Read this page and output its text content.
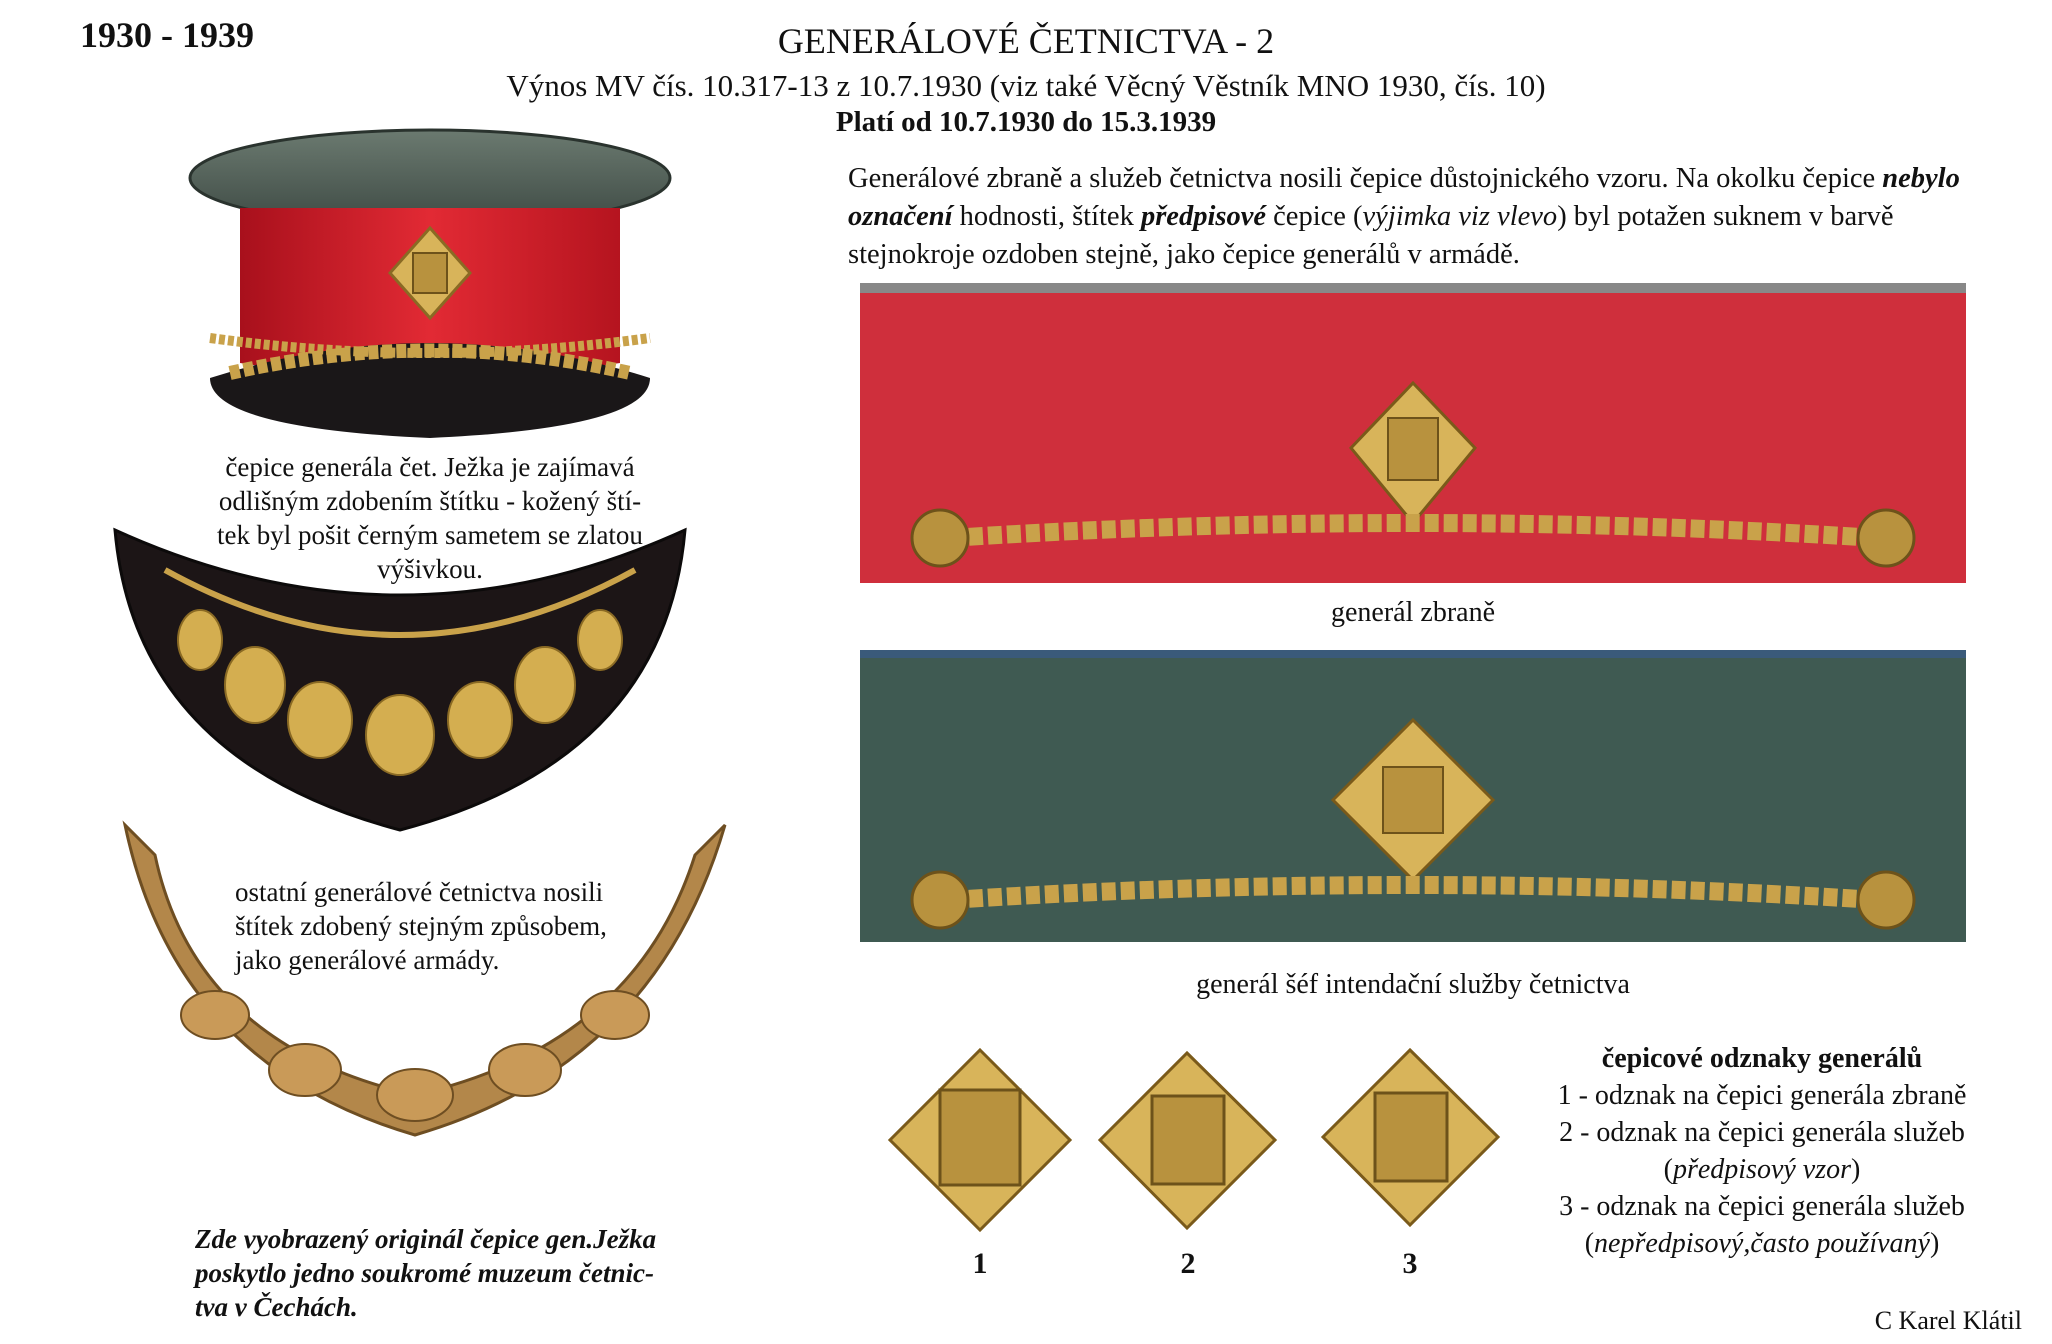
1930 - 1939	GENERÁLOVÉ ČETNICTVA - 2
Výnos MV čís. 10.317-13 z 10.7.1930 (viz také Věcný Věstník MNO 1930, čís. 10)
Platí od 10.7.1930 do 15.3.1939
Generálové zbraně a služeb četnictva nosili čepice důstojnického vzoru. Na okolku čepice nebylo označení hodnosti, štítek předpisové čepice (výjimka viz vlevo) byl potažen suknem v barvě stejnokroje ozdoben stejně, jako čepice generálů v armádě.
čepice generála čet. Ježka je zajímavá
odlišným zdobením štítku - kožený ští-
tek byl pošit černým sametem se zlatou
výšivkou.
ostatní generálové četnictva nosili
štítek zdobený stejným způsobem,
jako generálové armády.
Zde vyobrazený originál čepice gen.Ježka
poskytlo jedno soukromé muzeum četnic-
tva v Čechách.
generál zbraně
generál šéf intendační služby četnictva
1	2	3
čepicové odznaky generálů
1 - odznak na čepici generála zbraně
2 - odznak na čepici generála služeb
(předpisový vzor)
3 - odznak na čepici generála služeb
(nepředpisový,často používaný)
C Karel Klátil
